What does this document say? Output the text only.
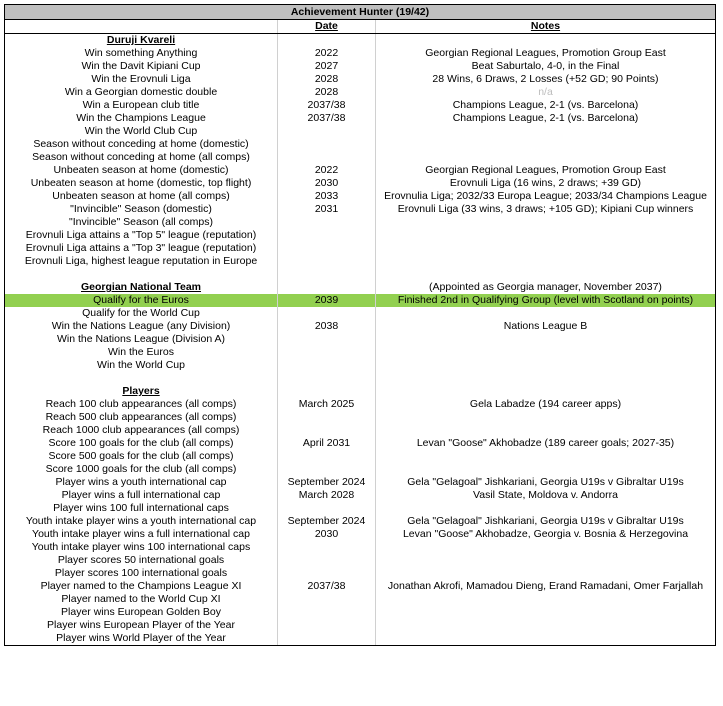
Achievement Hunter (19/42)		
	Date	Notes
Duruji Kvareli		
Win something Anything	2022	Georgian Regional Leagues, Promotion Group East
Win the Davit Kipiani Cup	2027	Beat Saburtalo, 4-0, in the Final
Win the Erovnuli Liga	2028	28 Wins, 6 Draws, 2 Losses (+52 GD; 90 Points)
Win a Georgian domestic double	2028	n/a
Win a European club title	2037/38	Champions League, 2-1 (vs. Barcelona)
Win the Champions League	2037/38	Champions League, 2-1 (vs. Barcelona)
Win the World Club Cup		
Season without conceding at home (domestic)		
Season without conceding at home (all comps)		
Unbeaten season at home (domestic)	2022	Georgian Regional Leagues, Promotion Group East
Unbeaten season at home (domestic, top flight)	2030	Erovnuli Liga (16 wins, 2 draws; +39 GD)
Unbeaten season at home (all comps)	2033	Erovnulia Liga; 2032/33 Europa League; 2033/34 Champions League
"Invincible" Season (domestic)	2031	Erovnuli Liga (33 wins, 3 draws; +105 GD); Kipiani Cup winners
"Invincible" Season (all comps)		
Erovnuli Liga attains a "Top 5" league (reputation)		
Erovnuli Liga attains a "Top 3" league (reputation)		
Erovnuli Liga, highest league reputation in Europe		

Georgian National Team		(Appointed as Georgia manager, November 2037)
Qualify for the Euros	2039	Finished 2nd in Qualifying Group (level with Scotland on points)
Qualify for the World Cup		
Win the Nations League (any Division)	2038	Nations League B
Win the Nations League (Division A)		
Win the Euros		
Win the World Cup		

Players		
Reach 100 club appearances (all comps)	March 2025	Gela Labadze (194 career apps)
Reach 500 club appearances (all comps)		
Reach 1000 club appearances (all comps)		
Score 100 goals for the club (all comps)	April 2031	Levan "Goose" Akhobadze (189 career goals; 2027-35)
Score 500 goals for the club (all comps)		
Score 1000 goals for the club (all comps)		
Player wins a youth international cap	September 2024	Gela "Gelagoal" Jishkariani, Georgia U19s v Gibraltar U19s
Player wins a full international cap	March 2028	Vasil State, Moldova v. Andorra
Player wins 100 full international caps		
Youth intake player wins a youth international cap	September 2024	Gela "Gelagoal" Jishkariani, Georgia U19s v Gibraltar U19s
Youth intake player wins a full international cap	2030	Levan "Goose" Akhobadze, Georgia v. Bosnia & Herzegovina
Youth intake player wins 100 international caps		
Player scores 50 international goals		
Player scores 100 international goals		
Player named to the Champions League XI	2037/38	Jonathan Akrofi, Mamadou Dieng, Erand Ramadani, Omer Farjallah
Player named to the World Cup XI		
Player wins European Golden Boy		
Player wins European Player of the Year		
Player wins World Player of the Year		
